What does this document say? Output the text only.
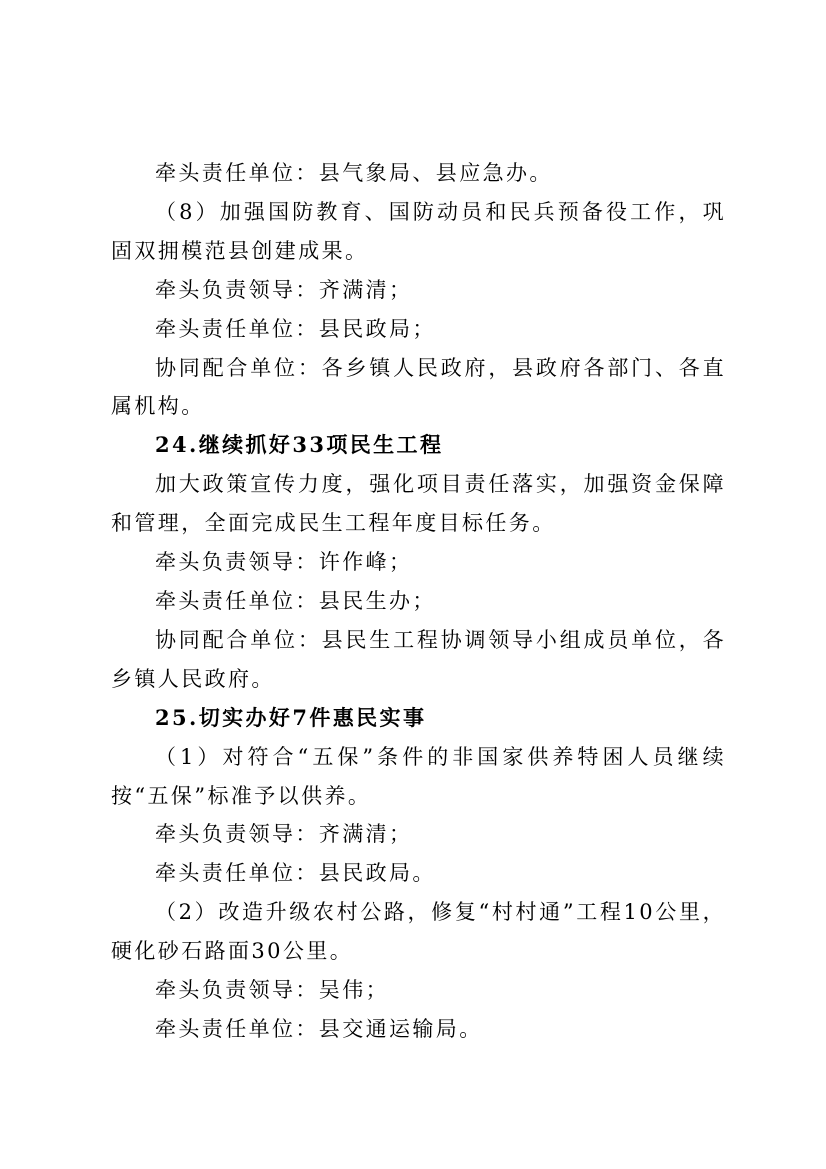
牵头责任单位：县气象局、县应急办。

（8）加强国防教育、国防动员和民兵预备役工作，巩固双拥模范县创建成果。

牵头负责领导：齐满清；

牵头责任单位：县民政局；

协同配合单位：各乡镇人民政府，县政府各部门、各直属机构。

24.继续抓好33项民生工程

加大政策宣传力度，强化项目责任落实，加强资金保障和管理，全面完成民生工程年度目标任务。

牵头负责领导：许作峰；

牵头责任单位：县民生办；

协同配合单位：县民生工程协调领导小组成员单位，各乡镇人民政府。

25.切实办好7件惠民实事

（1）对符合“五保”条件的非国家供养特困人员继续按“五保”标准予以供养。

牵头负责领导：齐满清；

牵头责任单位：县民政局。

（2）改造升级农村公路，修复“村村通”工程10公里，硬化砂石路面30公里。

牵头负责领导：吴伟；

牵头责任单位：县交通运输局。
